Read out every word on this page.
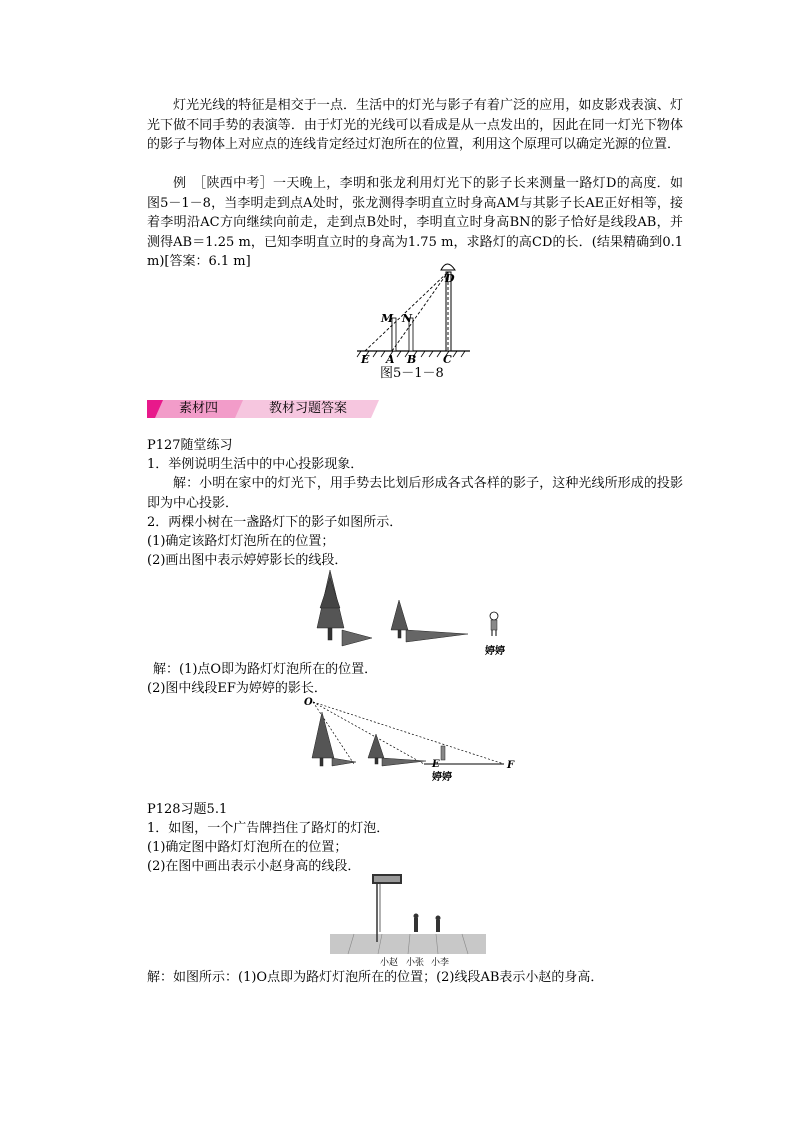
灯光光线的特征是相交于一点．生活中的灯光与影子有着广泛的应用，如皮影戏表演、灯光下做不同手势的表演等．由于灯光的光线可以看成是从一点发出的，因此在同一灯光下物体的影子与物体上对应点的连线肯定经过灯泡所在的位置，利用这个原理可以确定光源的位置．

例　［陕西中考］一天晚上，李明和张龙利用灯光下的影子长来测量一路灯D的高度．如图5－1－8，当李明走到点A处时，张龙测得李明直立时身高AM与其影子长AE正好相等，接着李明沿AC方向继续向前走，走到点B处时，李明直立时身高BN的影子恰好是线段AB，并测得AB＝1.25 m，已知李明直立时的身高为1.75 m，求路灯的高CD的长．(结果精确到0.1 m)[答案：6.1 m]

D
M N
E A B C
图5－1－8
素材四	教材习题答案
P127随堂练习
1．举例说明生活中的中心投影现象．

解：小明在家中的灯光下，用手势去比划后形成各式各样的影子，这种光线所形成的投影即为中心投影．

2．两棵小树在一盏路灯下的影子如图所示．
(1)确定该路灯灯泡所在的位置；
(2)画出图中表示婷婷影长的线段．
婷婷
解：(1)点O即为路灯灯泡所在的位置．
(2)图中线段EF为婷婷的影长．
O
E	F
婷婷
P128习题5.1
1．如图，一个广告牌挡住了路灯的灯泡．
(1)确定图中路灯灯泡所在的位置；
(2)在图中画出表示小赵身高的线段．
小赵 小张 小李
解：如图所示：(1)O点即为路灯灯泡所在的位置；(2)线段AB表示小赵的身高．
